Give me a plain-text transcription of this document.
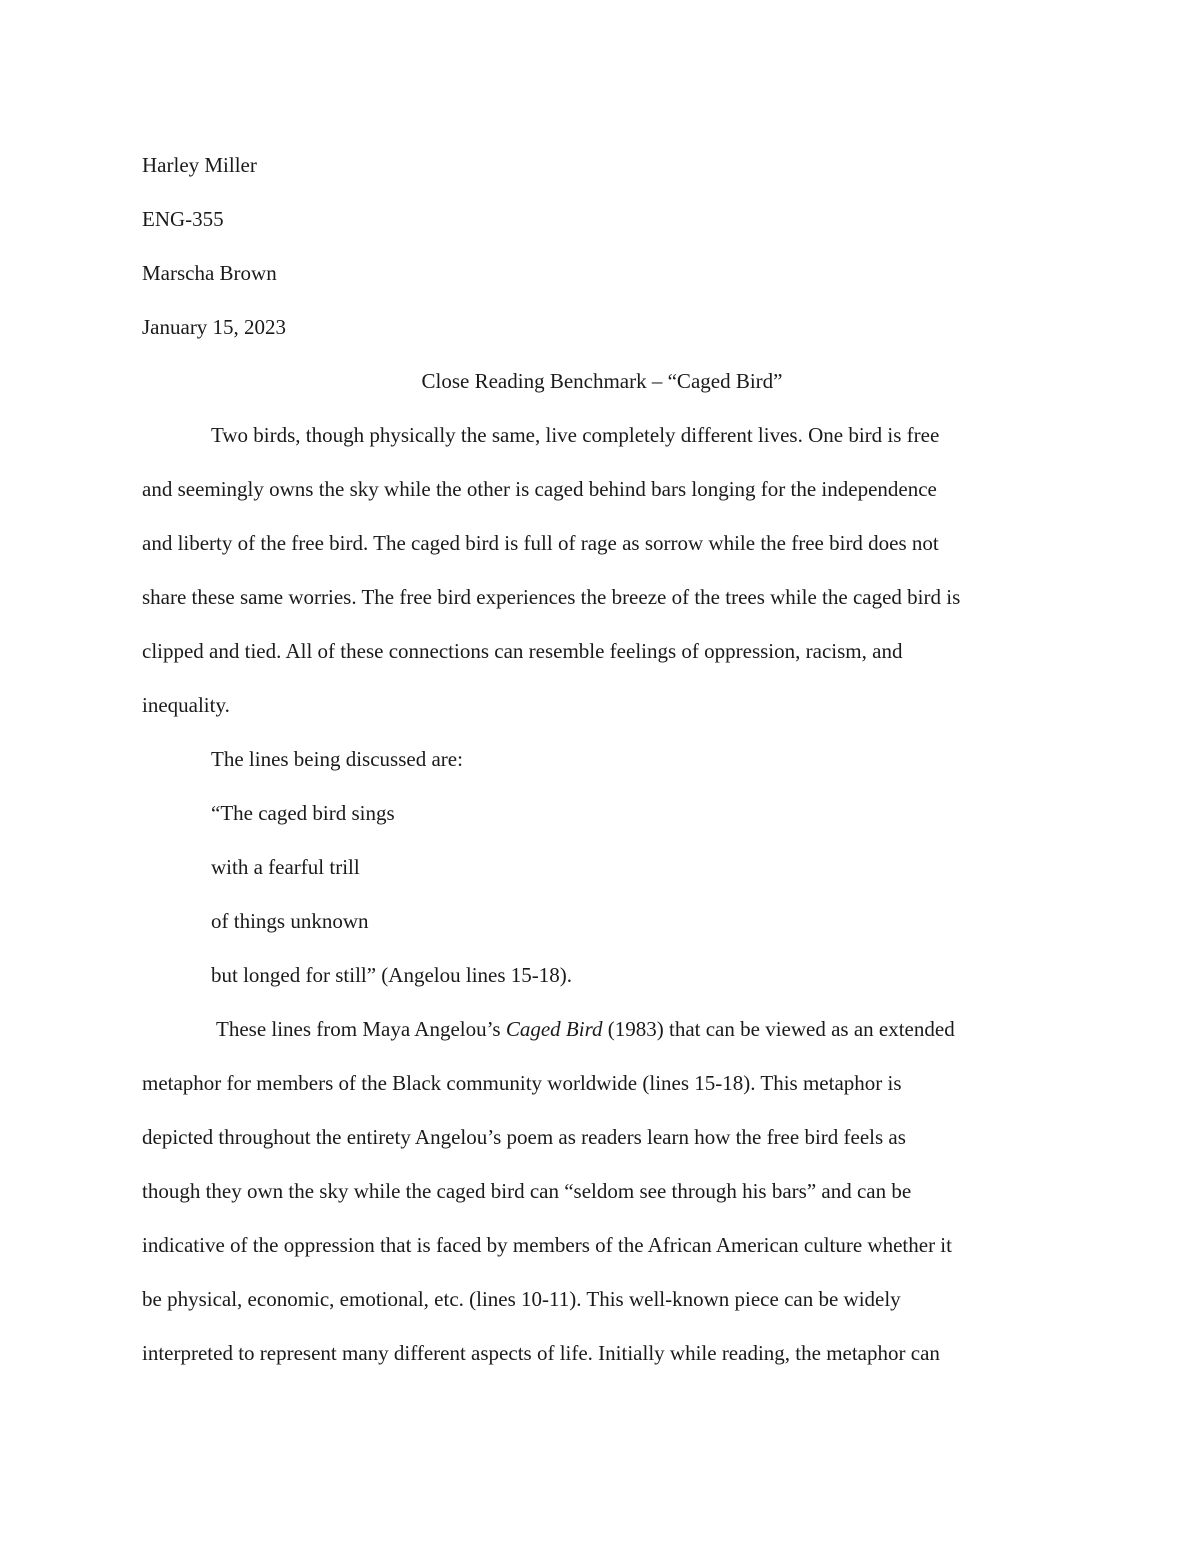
Harley Miller
ENG-355
Marscha Brown
January 15, 2023
Close Reading Benchmark – “Caged Bird”
Two birds, though physically the same, live completely different lives. One bird is free
and seemingly owns the sky while the other is caged behind bars longing for the independence
and liberty of the free bird. The caged bird is full of rage as sorrow while the free bird does not
share these same worries. The free bird experiences the breeze of the trees while the caged bird is
clipped and tied. All of these connections can resemble feelings of oppression, racism, and
inequality.
The lines being discussed are:
“The caged bird sings
with a fearful trill
of things unknown
but longed for still” (Angelou lines 15-18).
These lines from Maya Angelou’s Caged Bird (1983) that can be viewed as an extended
metaphor for members of the Black community worldwide (lines 15-18). This metaphor is
depicted throughout the entirety Angelou’s poem as readers learn how the free bird feels as
though they own the sky while the caged bird can “seldom see through his bars” and can be
indicative of the oppression that is faced by members of the African American culture whether it
be physical, economic, emotional, etc. (lines 10-11). This well-known piece can be widely
interpreted to represent many different aspects of life. Initially while reading, the metaphor can
